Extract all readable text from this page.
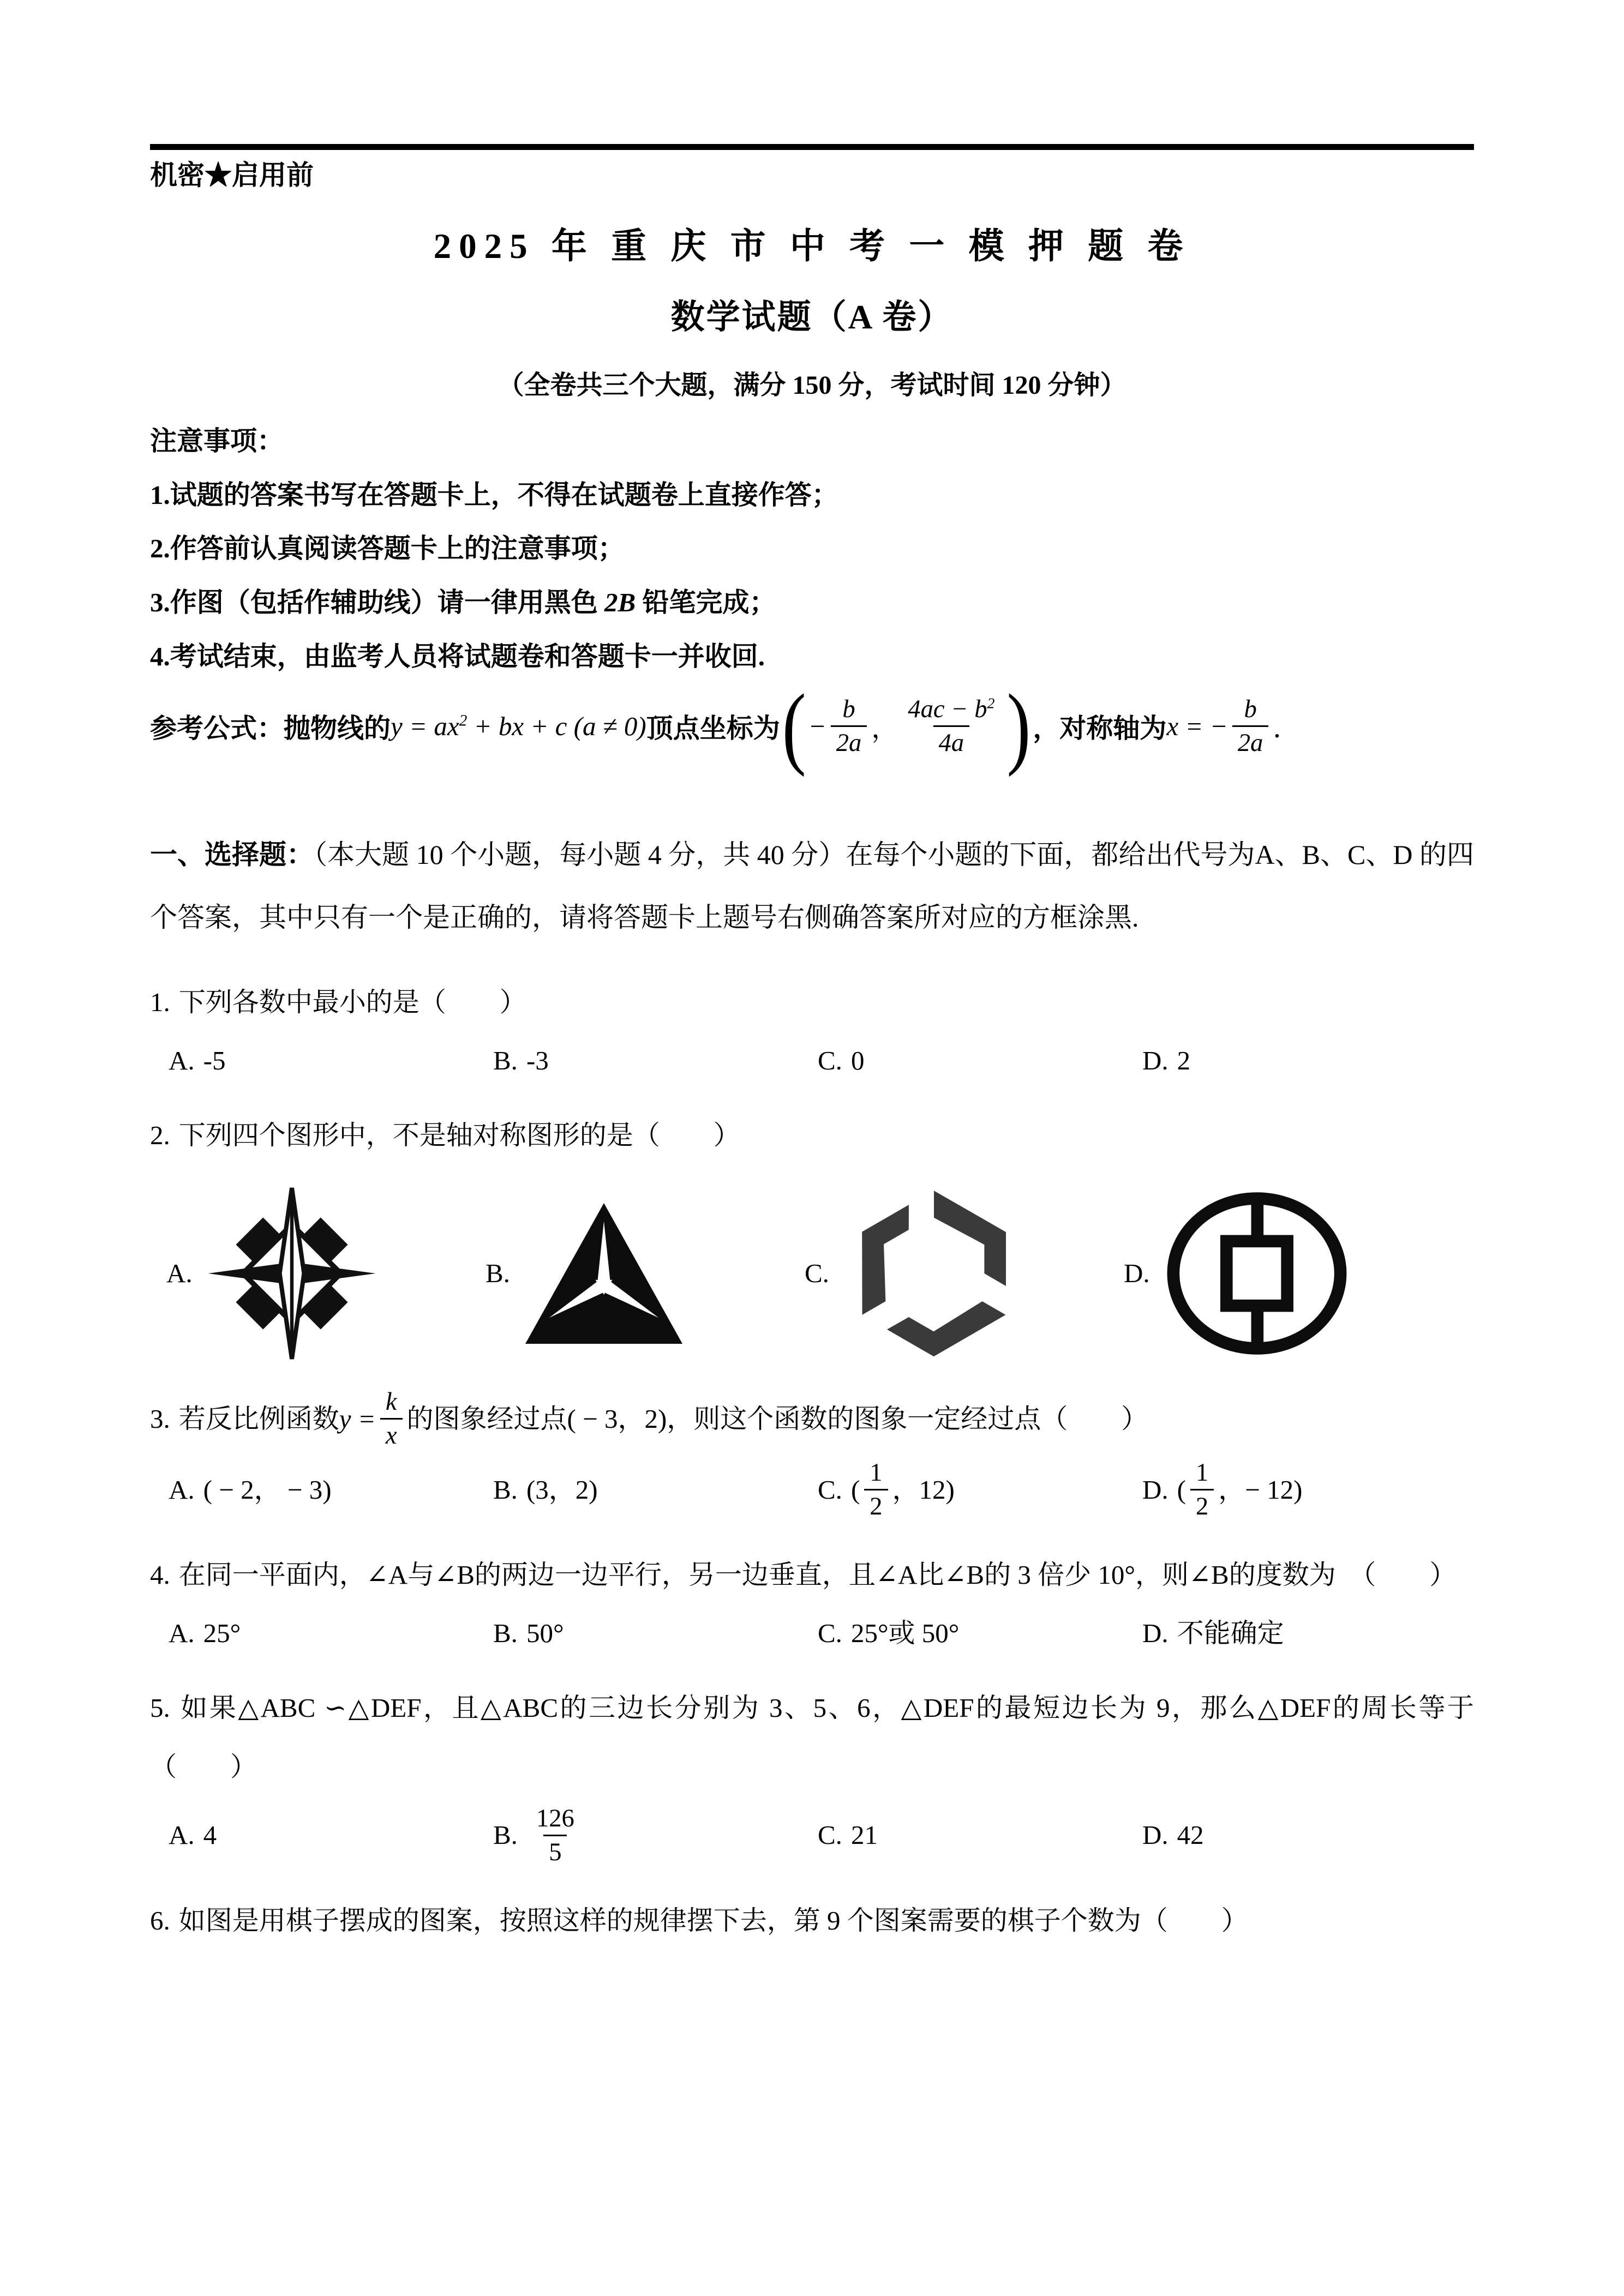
机密★启用前
2025 年 重 庆 市 中 考 一 模 押 题 卷
数学试题（A 卷）
（全卷共三个大题，满分 150 分，考试时间 120 分钟）
注意事项：
1.试题的答案书写在答题卡上，不得在试题卷上直接作答；
2.作答前认真阅读答题卡上的注意事项；
3.作图（包括作辅助线）请一律用黑色 2B 铅笔完成；
4.考试结束，由监考人员将试题卷和答题卡一并收回.
参考公式：抛物线的 $y = ax^2$ + bx + c (a ≠ 0) 顶点坐标为 ( − $\frac{b}{2a}$ ， $\frac{4ac - b^2}{4a}$ ) ，对称轴为 x = − $\frac{b}{2a}$ ．

一、选择题：（本大题 10 个小题，每小题 4 分，共 40 分）在每个小题的下面，都给出代号为A、B、C、D 的四个答案，其中只有一个是正确的，请将答题卡上题号右侧确答案所对应的方框涂黑.

1. 下列各数中最小的是（　　）

A. -5	B. -3	C. 0	D. 2

2. 下列四个图形中，不是轴对称图形的是（　　）

A.	B.	C.	D.

3. 若反比例函数 $y = \frac{k}{x}$ 的图象经过点( − 3，2)，则这个函数的图象一定经过点（　　）

A. ( − 2， − 3)	B. (3，2)	C. ( $\frac{1}{2}$ ，12)	D. ( $\frac{1}{2}$ ，− 12)

4. 在同一平面内，∠A与∠B的两边一边平行，另一边垂直，且∠A比∠B的 3 倍少 10°，则∠B的度数为　（　　）

A. 25°	B. 50°	C. 25°或 50°	D. 不能确定

5. 如果△ABC ∽△DEF，且△ABC的三边长分别为 3、5、6，△DEF的最短边长为 9，那么△DEF的周长等于　（　　）

A. 4	B. $\frac{126}{5}$	C. 21	D. 42

6. 如图是用棋子摆成的图案，按照这样的规律摆下去，第 9 个图案需要的棋子个数为（　　）
